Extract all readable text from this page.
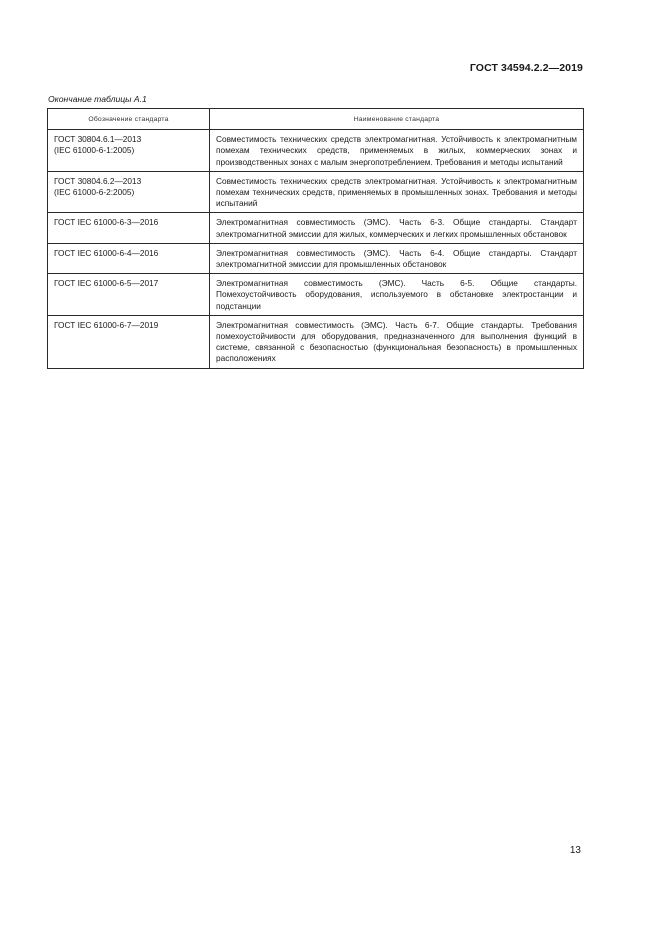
ГОСТ 34594.2.2—2019
Окончание таблицы А.1
Обозначение стандарта	Наименование стандарта

ГОСТ 30804.6.1—2013
(IEC 61000-6-1:2005)	Совместимость технических средств электромагнитная. Устойчивость к электромагнитным помехам технических средств, применяемых в жилых, коммерческих зонах и производственных зонах с малым энергопотреблением. Требования и методы испытаний

ГОСТ 30804.6.2—2013
(IEC 61000-6-2:2005)	Совместимость технических средств электромагнитная. Устойчивость к электромагнитным помехам технических средств, применяемых в промышленных зонах. Требования и методы испытаний

ГОСТ IEC 61000-6-3—2016	Электромагнитная совместимость (ЭМС). Часть 6-3. Общие стандарты. Стандарт электромагнитной эмиссии для жилых, коммерческих и легких промышленных обстановок

ГОСТ IEC 61000-6-4—2016	Электромагнитная совместимость (ЭМС). Часть 6-4. Общие стандарты. Стандарт электромагнитной эмиссии для промышленных обстановок

ГОСТ IEC 61000-6-5—2017	Электромагнитная совместимость (ЭМС). Часть 6-5. Общие стандарты. Помехоустойчивость оборудования, используемого в обстановке электростанции и подстанции

ГОСТ IEC 61000-6-7—2019	Электромагнитная совместимость (ЭМС). Часть 6-7. Общие стандарты. Требования помехоустойчивости для оборудования, предназначенного для выполнения функций в системе, связанной с безопасностью (функциональная безопасность) в промышленных расположениях
13
